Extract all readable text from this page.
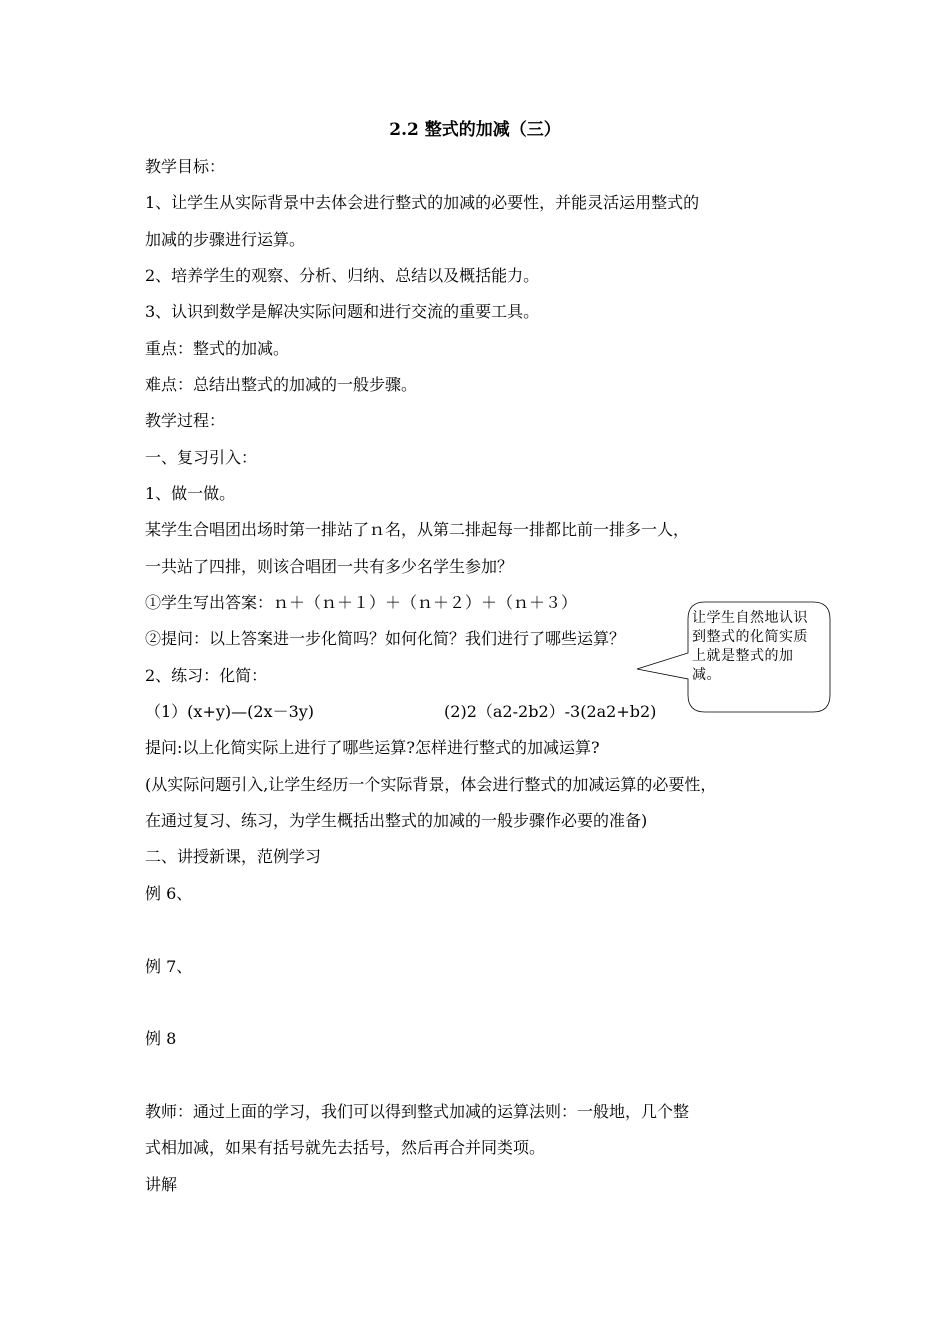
2.2 整式的加减（三）
教学目标：
1、让学生从实际背景中去体会进行整式的加减的必要性，并能灵活运用整式的
加减的步骤进行运算。
2、培养学生的观察、分析、归纳、总结以及概括能力。
3、认识到数学是解决实际问题和进行交流的重要工具。
重点：整式的加减。
难点：总结出整式的加减的一般步骤。
教学过程：
一、复习引入：
1、做一做。
某学生合唱团出场时第一排站了ｎ名，从第二排起每一排都比前一排多一人，
一共站了四排，则该合唱团一共有多少名学生参加？
①学生写出答案：ｎ＋（ｎ＋１）＋（ｎ＋２）＋（ｎ＋３）
②提问：以上答案进一步化简吗？如何化简？我们进行了哪些运算？
2、练习：化简：
（1）(x+y)—(2x－3y)	(2)2（a2-2b2）-3(2a2+b2)
提问:以上化简实际上进行了哪些运算?怎样进行整式的加减运算?
(从实际问题引入,让学生经历一个实际背景，体会进行整式的加减运算的必要性，
在通过复习、练习，为学生概括出整式的加减的一般步骤作必要的准备)
二、讲授新课，范例学习
例 6、
例 7、
例 8
教师：通过上面的学习，我们可以得到整式加减的运算法则：一般地，几个整
式相加减，如果有括号就先去括号，然后再合并同类项。
讲解
让学生自然地认识到整式的化简实质上就是整式的加减。
